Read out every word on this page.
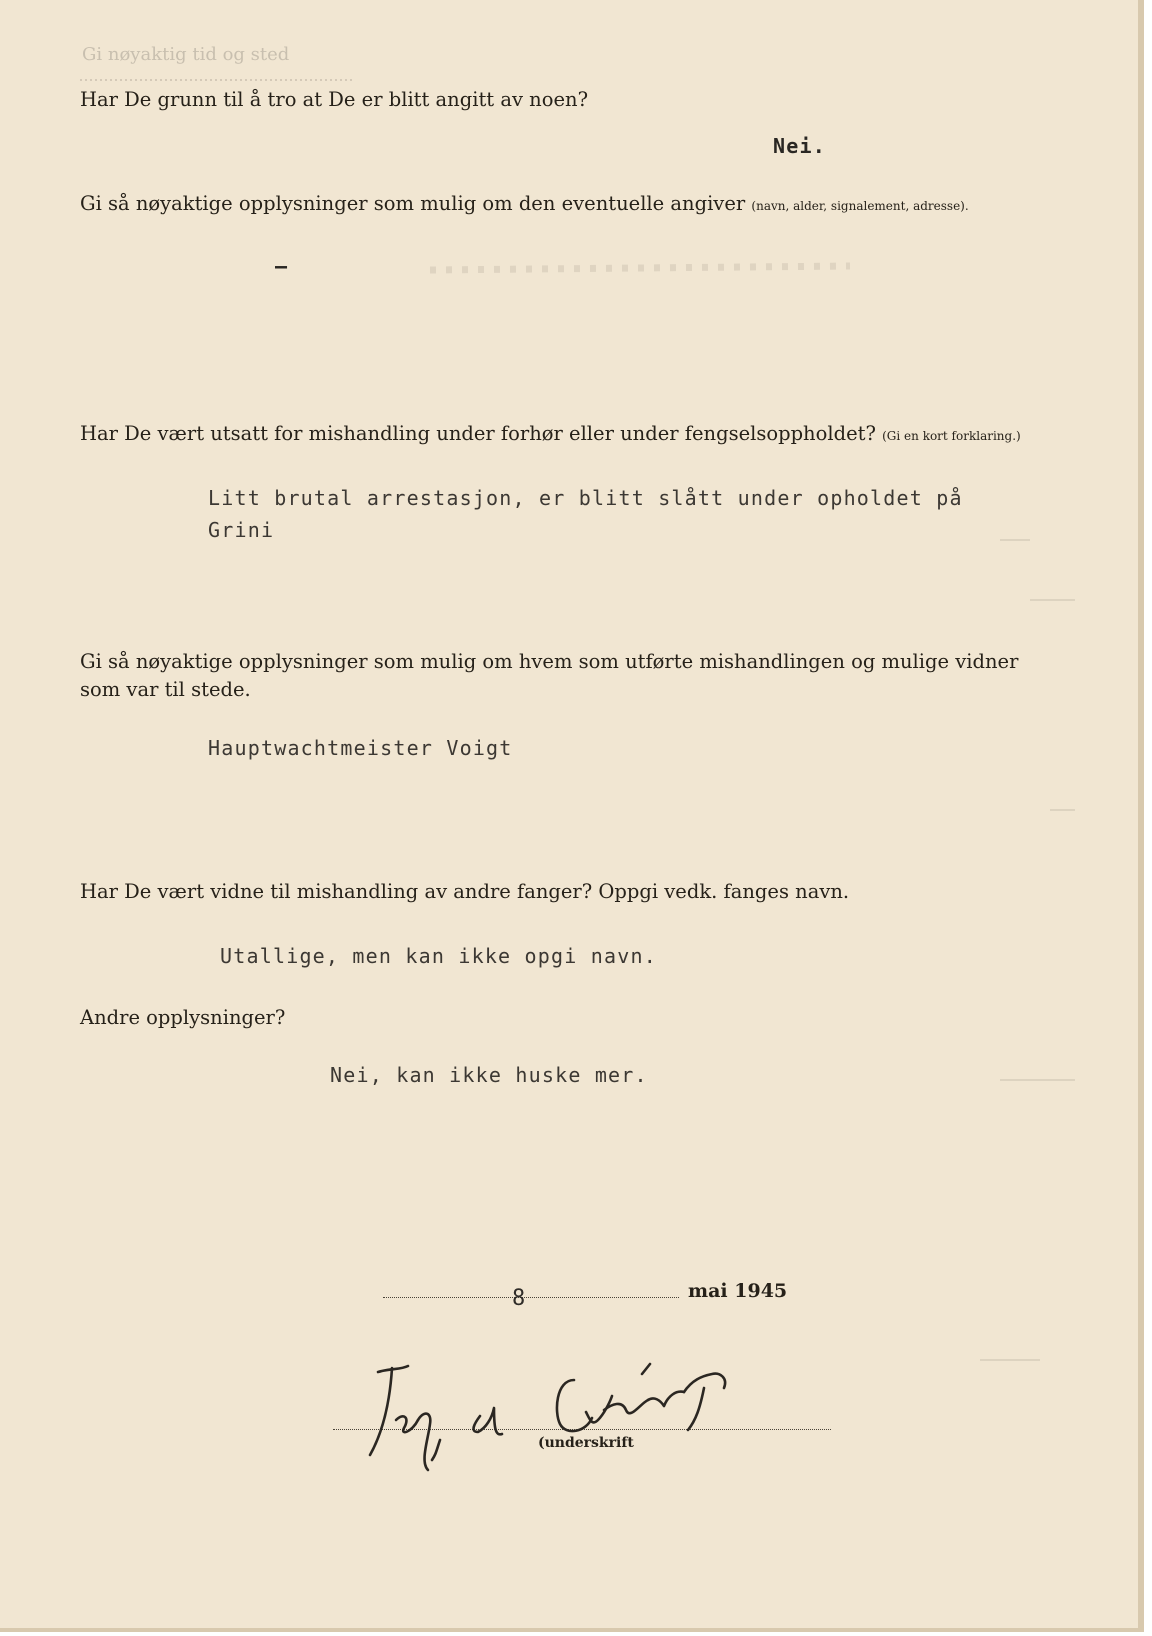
Gi nøyaktig tid og sted
Har De grunn til å tro at De er blitt angitt av noen?
Nei.
Gi så nøyaktige opplysninger som mulig om den eventuelle angiver (navn, alder, signalement, adresse).
–
Har De vært utsatt for mishandling under forhør eller under fengselsoppholdet? (Gi en kort forklaring.)
Litt brutal arrestasjon, er blitt slått under opholdet på
Grini
Gi så nøyaktige opplysninger som mulig om hvem som utførte mishandlingen og mulige vidner
som var til stede.
Hauptwachtmeister Voigt
Har De vært vidne til mishandling av andre fanger? Oppgi vedk. fanges navn.
Utallige, men kan ikke opgi navn.
Andre opplysninger?
Nei, kan ikke huske mer.
8	mai 1945
(underskrift
